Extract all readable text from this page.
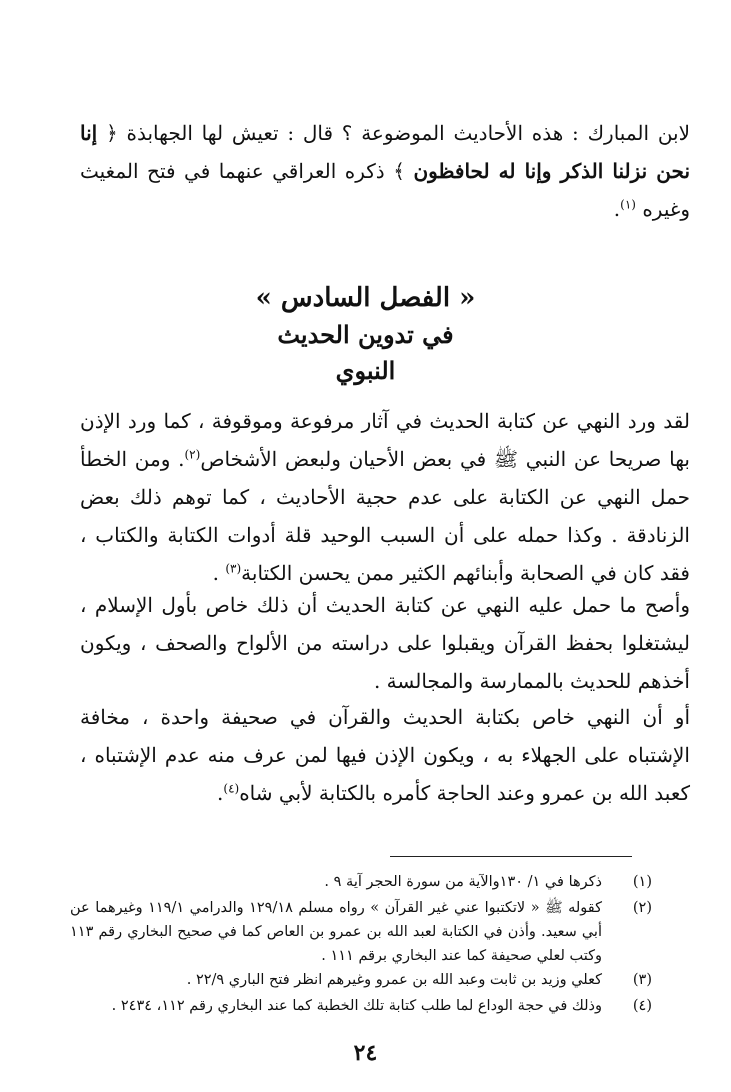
لابن المبارك : هذه الأحاديث الموضوعة ؟ قال : تعيش لها الجهابذة ﴿ إنا نحن نزلنا الذكر وإنا له لحافظون ﴾ ذكره العراقي عنهما في فتح المغيث وغيره $^{(١)}$.
« الفصل السادس »
في تدوين الحديث
النبوي
لقد ورد النهي عن كتابة الحديث في آثار مرفوعة وموقوفة ، كما ورد الإذن بها صريحا عن النبي ﷺ في بعض الأحيان ولبعض الأشخاص$^{(٢)}$. ومن الخطأ حمل النهي عن الكتابة على عدم حجية الأحاديث ، كما توهم ذلك بعض الزنادقة . وكذا حمله على أن السبب الوحيد قلة أدوات الكتابة والكتاب ، فقد كان في الصحابة وأبنائهم الكثير ممن يحسن الكتابة$^{(٣)}$ .
وأصح ما حمل عليه النهي عن كتابة الحديث أن ذلك خاص بأول الإسلام ، ليشتغلوا بحفظ القرآن ويقبلوا على دراسته من الألواح والصحف ، ويكون أخذهم للحديث بالممارسة والمجالسة .
أو أن النهي خاص بكتابة الحديث والقرآن في صحيفة واحدة ، مخافة الإشتباه على الجهلاء به ، ويكون الإذن فيها لمن عرف منه عدم الإشتباه ، كعبد الله بن عمرو وعند الحاجة كأمره بالكتابة لأبي شاه$^{(٤)}$.
(١)
ذكرها في ١/ ١٣٠والآية من سورة الحجر آية ٩ .
(٢)
كقوله ﷺ « لاتكتبوا عني غير القرآن » رواه مسلم ١٢٩/١٨ والدرامي ١١٩/١ وغيرهما عن أبي سعيد. وأذن في الكتابة لعبد الله بن عمرو بن العاص كما في صحيح البخاري رقم ١١٣ وكتب لعلي صحيفة كما عند البخاري برقم ١١١ .
(٣)
كعلي وزيد بن ثابت وعبد الله بن عمرو وغيرهم انظر فتح الباري ٢٢/٩ .
(٤)
وذلك في حجة الوداع لما طلب كتابة تلك الخطبة كما عند البخاري رقم ١١٢، ٢٤٣٤ .
٢٤
